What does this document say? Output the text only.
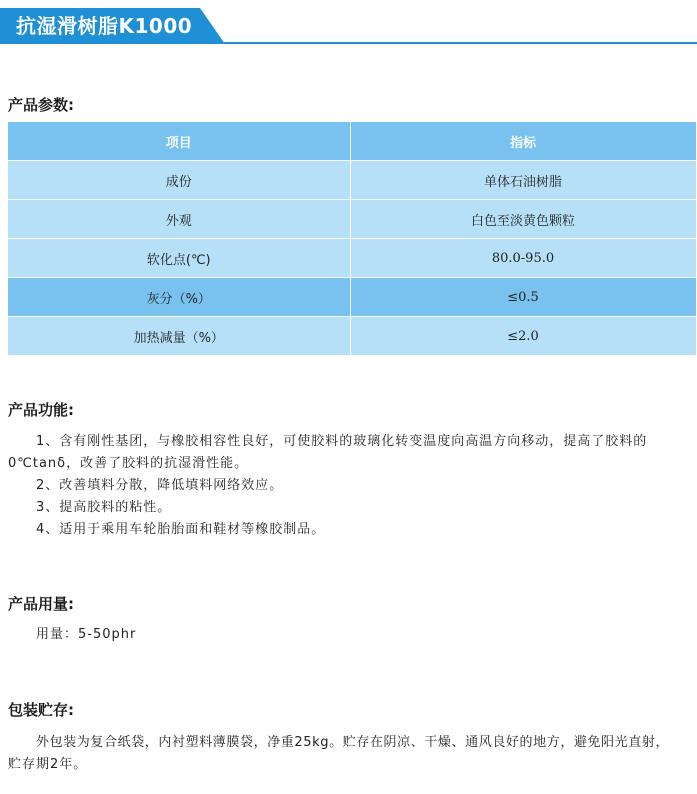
抗湿滑树脂K1000
产品参数:
项目	指标
成份	单体石油树脂
外观	白色至淡黄色颗粒
软化点(℃)	80.0-95.0
灰分（%）	≤0.5
加热减量（%）	≤2.0
产品功能:
1、含有刚性基团，与橡胶相容性良好，可使胶料的玻璃化转变温度向高温方向移动，提高了胶料的
0℃tanδ，改善了胶料的抗湿滑性能。
2、改善填料分散，降低填料网络效应。
3、提高胶料的粘性。
4、适用于乘用车轮胎胎面和鞋材等橡胶制品。
产品用量:
用量：5-50phr
包装贮存:
外包装为复合纸袋，内衬塑料薄膜袋，净重25kg。贮存在阴凉、干燥、通风良好的地方，避免阳光直射，
贮存期2年。
